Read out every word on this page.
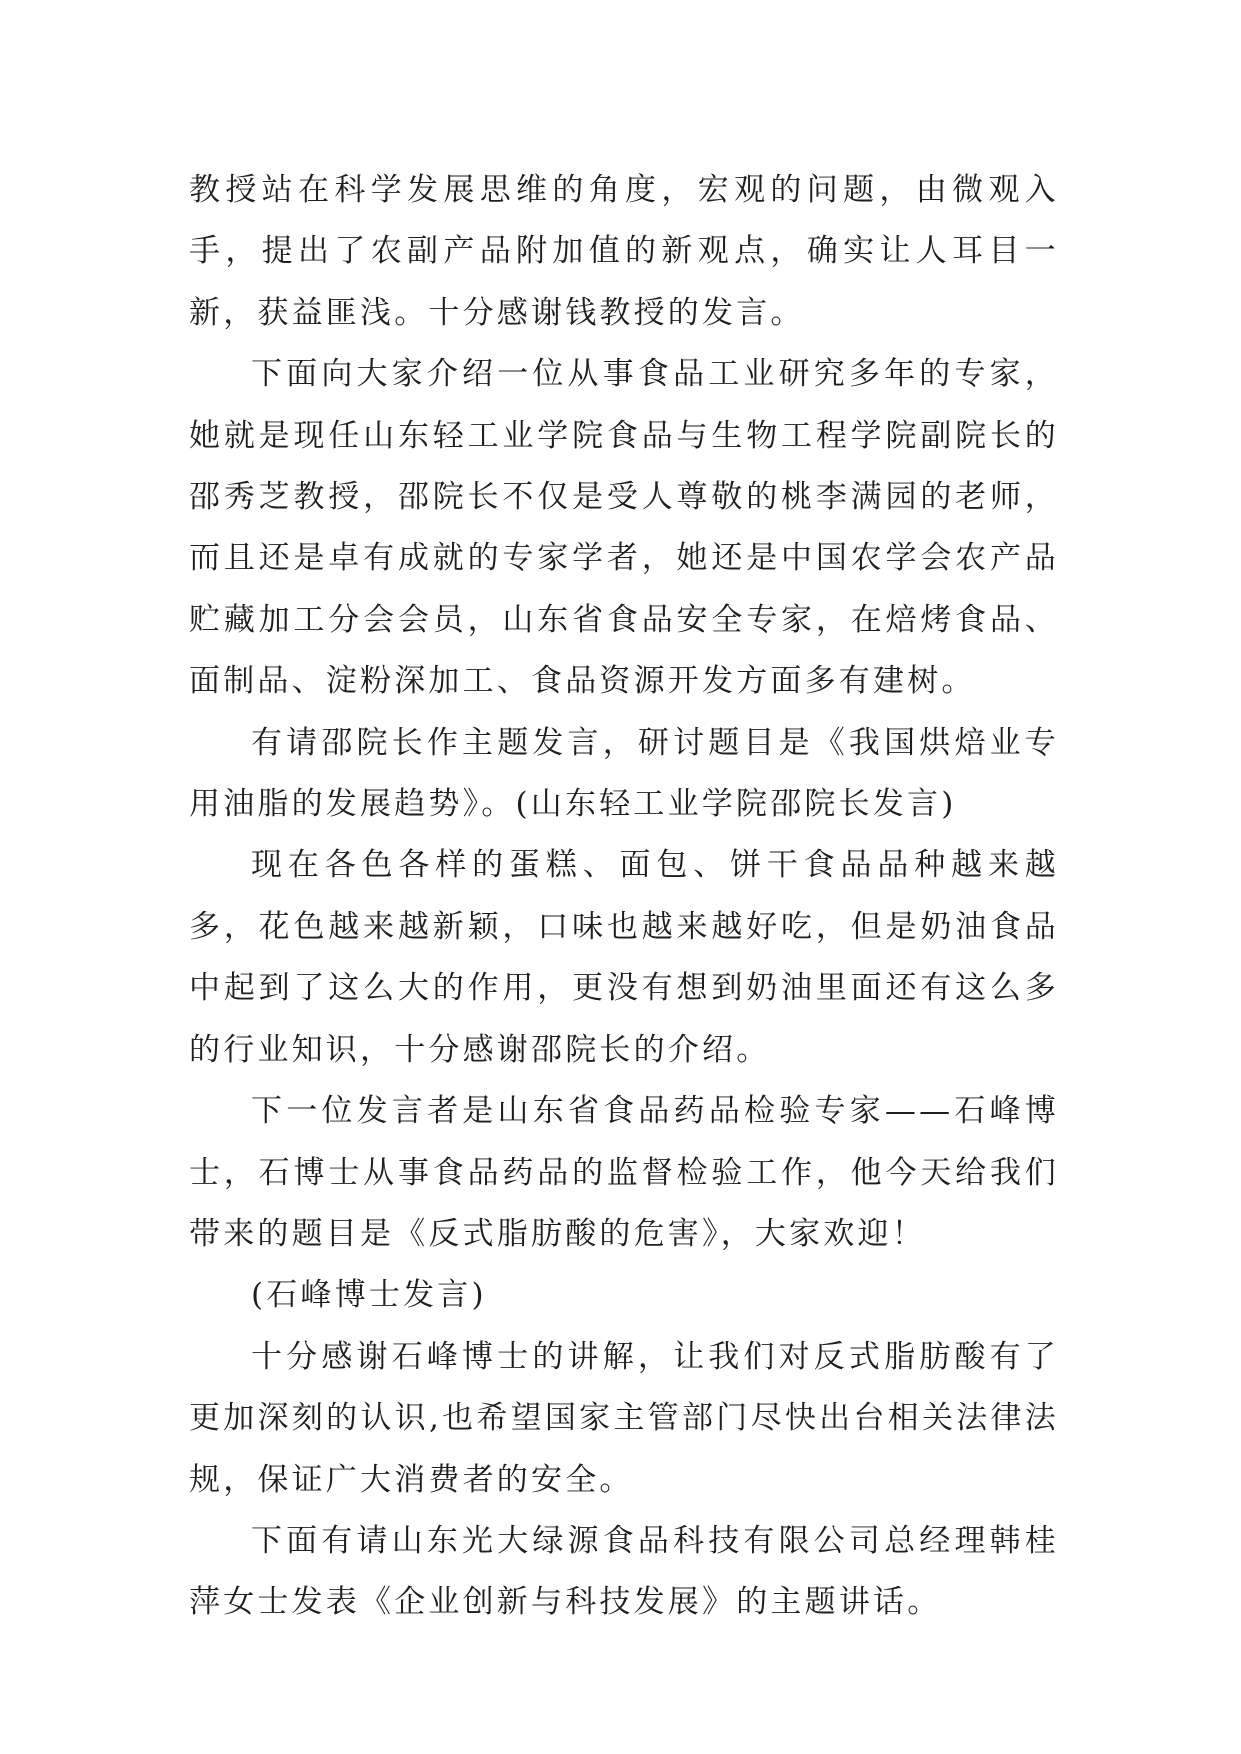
教授站在科学发展思维的角度，宏观的问题，由微观入手，提出了农副产品附加值的新观点，确实让人耳目一新，获益匪浅。十分感谢钱教授的发言。

下面向大家介绍一位从事食品工业研究多年的专家，她就是现任山东轻工业学院食品与生物工程学院副院长的邵秀芝教授，邵院长不仅是受人尊敬的桃李满园的老师，而且还是卓有成就的专家学者，她还是中国农学会农产品贮藏加工分会会员，山东省食品安全专家，在焙烤食品、面制品、淀粉深加工、食品资源开发方面多有建树。

有请邵院长作主题发言，研讨题目是《我国烘焙业专用油脂的发展趋势》。(山东轻工业学院邵院长发言)

现在各色各样的蛋糕、面包、饼干食品品种越来越多，花色越来越新颖，口味也越来越好吃，但是奶油食品中起到了这么大的作用，更没有想到奶油里面还有这么多的行业知识，十分感谢邵院长的介绍。

下一位发言者是山东省食品药品检验专家——石峰博士，石博士从事食品药品的监督检验工作，他今天给我们带来的题目是《反式脂肪酸的危害》，大家欢迎！

(石峰博士发言)

十分感谢石峰博士的讲解，让我们对反式脂肪酸有了更加深刻的认识,也希望国家主管部门尽快出台相关法律法规，保证广大消费者的安全。

下面有请山东光大绿源食品科技有限公司总经理韩桂萍女士发表《企业创新与科技发展》的主题讲话。
